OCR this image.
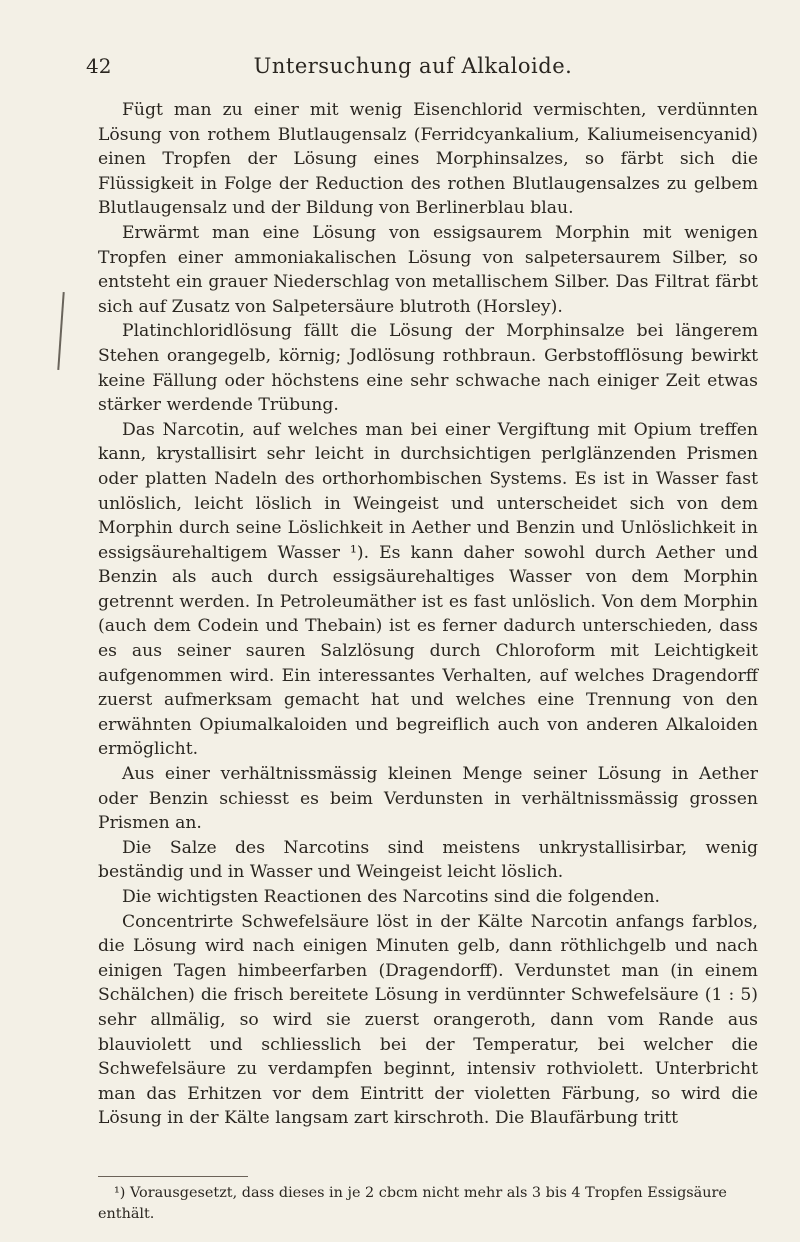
42	Untersuchung auf Alkaloide.

Fügt man zu einer mit wenig Eisenchlorid vermischten, verdünnten Lösung von rothem Blutlaugensalz (Ferridcyankalium, Kaliumeisencyanid) einen Tropfen der Lösung eines Morphinsalzes, so färbt sich die Flüssigkeit in Folge der Reduction des rothen Blutlaugensalzes zu gelbem Blutlaugensalz und der Bildung von Berlinerblau blau.

Erwärmt man eine Lösung von essigsaurem Morphin mit wenigen Tropfen einer ammoniakalischen Lösung von salpetersaurem Silber, so entsteht ein grauer Niederschlag von metallischem Silber. Das Filtrat färbt sich auf Zusatz von Salpetersäure blutroth (Horsley).

Platinchloridlösung fällt die Lösung der Morphinsalze bei längerem Stehen orangegelb, körnig; Jodlösung rothbraun. Gerbstofflösung bewirkt keine Fällung oder höchstens eine sehr schwache nach einiger Zeit etwas stärker werdende Trübung.

Das Narcotin, auf welches man bei einer Vergiftung mit Opium treffen kann, krystallisirt sehr leicht in durchsichtigen perlglänzenden Prismen oder platten Nadeln des orthorhombischen Systems. Es ist in Wasser fast unlöslich, leicht löslich in Weingeist und unterscheidet sich von dem Morphin durch seine Löslichkeit in Aether und Benzin und Unlöslichkeit in essigsäurehaltigem Wasser ¹). Es kann daher sowohl durch Aether und Benzin als auch durch essigsäurehaltiges Wasser von dem Morphin getrennt werden. In Petroleumäther ist es fast unlöslich. Von dem Morphin (auch dem Codein und Thebain) ist es ferner dadurch unterschieden, dass es aus seiner sauren Salzlösung durch Chloroform mit Leichtigkeit aufgenommen wird. Ein interessantes Verhalten, auf welches Dragendorff zuerst aufmerksam gemacht hat und welches eine Trennung von den erwähnten Opiumalkaloiden und begreiflich auch von anderen Alkaloiden ermöglicht.

Aus einer verhältnissmässig kleinen Menge seiner Lösung in Aether oder Benzin schiesst es beim Verdunsten in verhältnissmässig grossen Prismen an.

Die Salze des Narcotins sind meistens unkrystallisirbar, wenig beständig und in Wasser und Weingeist leicht löslich.

Die wichtigsten Reactionen des Narcotins sind die folgenden.

Concentrirte Schwefelsäure löst in der Kälte Narcotin anfangs farblos, die Lösung wird nach einigen Minuten gelb, dann röthlichgelb und nach einigen Tagen himbeerfarben (Dragendorff). Verdunstet man (in einem Schälchen) die frisch bereitete Lösung in verdünnter Schwefelsäure (1 : 5) sehr allmälig, so wird sie zuerst orangeroth, dann vom Rande aus blauviolett und schliesslich bei der Temperatur, bei welcher die Schwefelsäure zu verdampfen beginnt, intensiv rothviolett. Unterbricht man das Erhitzen vor dem Eintritt der violetten Färbung, so wird die Lösung in der Kälte langsam zart kirschroth. Die Blaufärbung tritt

¹) Vorausgesetzt, dass dieses in je 2 cbcm nicht mehr als 3 bis 4 Tropfen Essigsäure enthält.
